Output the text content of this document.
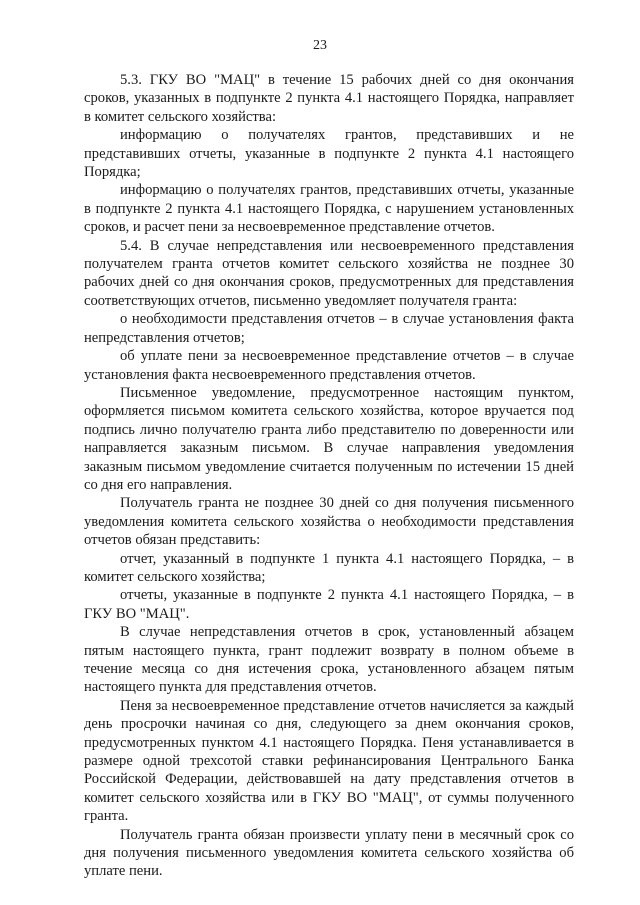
23

5.3. ГКУ ВО "МАЦ" в течение 15 рабочих дней со дня окончания сроков, указанных в подпункте 2 пункта 4.1 настоящего Порядка, направляет в комитет сельского хозяйства:

информацию о получателях грантов, представивших и не представивших отчеты, указанные в подпункте 2 пункта 4.1 настоящего Порядка;

информацию о получателях грантов, представивших отчеты, указанные в подпункте 2 пункта 4.1 настоящего Порядка, с нарушением установленных сроков, и расчет пени за несвоевременное представление отчетов.

5.4. В случае непредставления или несвоевременного представления получателем гранта отчетов комитет сельского хозяйства не позднее 30 рабочих дней со дня окончания сроков, предусмотренных для представления соответствующих отчетов, письменно уведомляет получателя гранта:

о необходимости представления отчетов – в случае установления факта непредставления отчетов;

об уплате пени за несвоевременное представление отчетов – в случае установления факта несвоевременного представления отчетов.

Письменное уведомление, предусмотренное настоящим пунктом, оформляется письмом комитета сельского хозяйства, которое вручается под подпись лично получателю гранта либо представителю по доверенности или направляется заказным письмом. В случае направления уведомления заказным письмом уведомление считается полученным по истечении 15 дней со дня его направления.

Получатель гранта не позднее 30 дней со дня получения письменного уведомления комитета сельского хозяйства о необходимости представления отчетов обязан представить:

отчет, указанный в подпункте 1 пункта 4.1 настоящего Порядка, – в комитет сельского хозяйства;

отчеты, указанные в подпункте 2 пункта 4.1 настоящего Порядка, – в ГКУ ВО "МАЦ".

В случае непредставления отчетов в срок, установленный абзацем пятым настоящего пункта, грант подлежит возврату в полном объеме в течение месяца со дня истечения срока, установленного абзацем пятым настоящего пункта для представления отчетов.

Пеня за несвоевременное представление отчетов начисляется за каждый день просрочки начиная со дня, следующего за днем окончания сроков, предусмотренных пунктом 4.1 настоящего Порядка. Пеня устанавливается в размере одной трехсотой ставки рефинансирования Центрального Банка Российской Федерации, действовавшей на дату представления отчетов в комитет сельского хозяйства или в ГКУ ВО "МАЦ", от суммы полученного гранта.

Получатель гранта обязан произвести уплату пени в месячный срок со дня получения письменного уведомления комитета сельского хозяйства об уплате пени.
